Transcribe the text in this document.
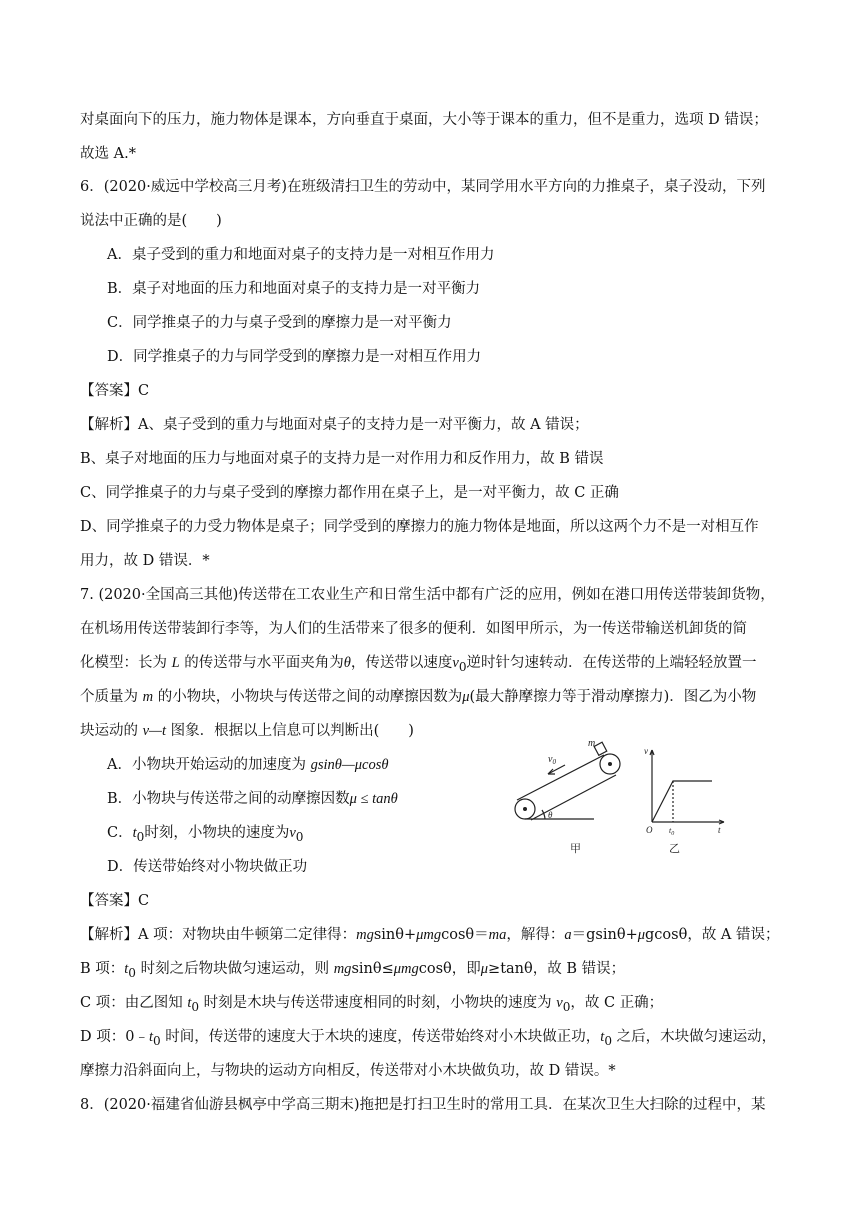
对桌面向下的压力，施力物体是课本，方向垂直于桌面，大小等于课本的重力，但不是重力，选项 D 错误；
故选 A.*
6．(2020·威远中学校高三月考)在班级清扫卫生的劳动中，某同学用水平方向的力推桌子，桌子没动，下列
说法中正确的是(　　)
A．桌子受到的重力和地面对桌子的支持力是一对相互作用力
B．桌子对地面的压力和地面对桌子的支持力是一对平衡力
C．同学推桌子的力与桌子受到的摩擦力是一对平衡力
D．同学推桌子的力与同学受到的摩擦力是一对相互作用力
【答案】C
【解析】A、桌子受到的重力与地面对桌子的支持力是一对平衡力，故 A 错误；
B、桌子对地面的压力与地面对桌子的支持力是一对作用力和反作用力，故 B 错误
C、同学推桌子的力与桌子受到的摩擦力都作用在桌子上，是一对平衡力，故 C 正确
D、同学推桌子的力受力物体是桌子；同学受到的摩擦力的施力物体是地面，所以这两个力不是一对相互作
用力，故 D 错误．*
7. (2020·全国高三其他)传送带在工农业生产和日常生活中都有广泛的应用，例如在港口用传送带装卸货物，
在机场用传送带装卸行李等，为人们的生活带来了很多的便利．如图甲所示，为一传送带输送机卸货的简
化模型：长为 L 的传送带与水平面夹角为θ，传送带以速度$v_0$逆时针匀速转动．在传送带的上端轻轻放置一
个质量为 m 的小物块，小物块与传送带之间的动摩擦因数为μ(最大静摩擦力等于滑动摩擦力)．图乙为小物
块运动的 v—t 图象．根据以上信息可以判断出(　　)
A．小物块开始运动的加速度为 gsinθ—μcosθ
B．小物块与传送带之间的动摩擦因数μ ≤ tanθ
C．$t_0$时刻，小物块的速度为$v_0$
D．传送带始终对小物块做正功
m
$v_0$
θ
甲
v
t
O $t_0$
乙
【答案】C
【解析】A 项：对物块由牛顿第二定律得：mgsinθ+μmgcosθ＝ma，解得：a＝gsinθ+μgcosθ，故 A 错误；
B 项：$t_0$ 时刻之后物块做匀速运动，则 mgsinθ≤μmgcosθ，即μ≥tanθ，故 B 错误；
C 项：由乙图知 $t_0$ 时刻是木块与传送带速度相同的时刻，小物块的速度为 $v_0$，故 C 正确；
D 项：$0﹣t_0$ 时间，传送带的速度大于木块的速度，传送带始终对小木块做正功，$t_0$ 之后，木块做匀速运动，
摩擦力沿斜面向上，与物块的运动方向相反，传送带对小木块做负功，故 D 错误。*
8．(2020·福建省仙游县枫亭中学高三期末)拖把是打扫卫生时的常用工具．在某次卫生大扫除的过程中，某
